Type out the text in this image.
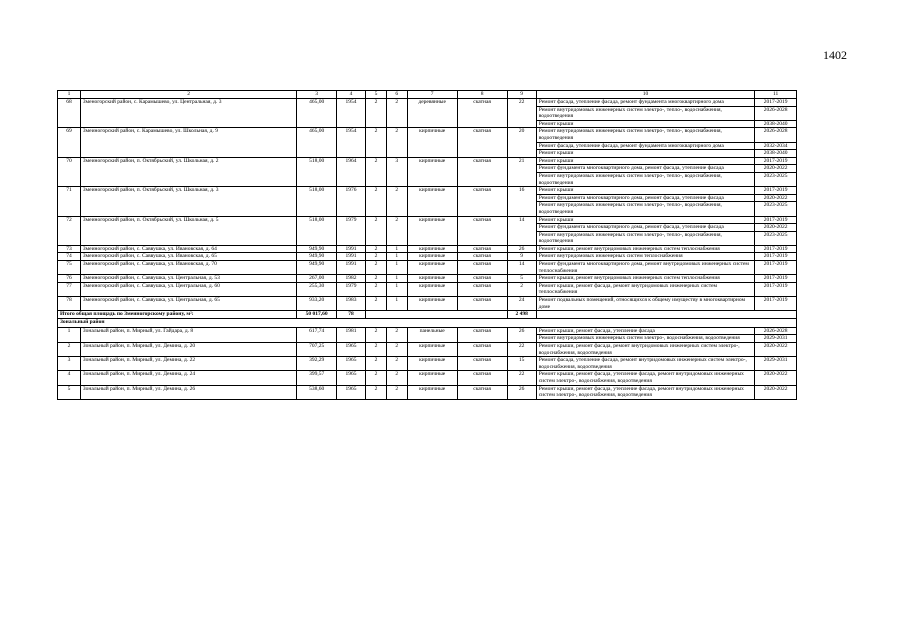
1402
1	2	3	4	5	6	7	8	9	10	11
68	Зменогорский район, с. Карамышево, ул. Центральная, д. 3	465,00	1954	2	2	деревянные	скатная	22	Ремонт фасада, утепление фасада, ремонт фундамента многоквартирного дома	2017-2019
									Ремонт внутридомовых инженерных систем электро-, тепло-, водоснабжения, водоотведения	2026-2028
									Ремонт крыши	2038-2040
69	Змеиногорский район, с. Карамышево, ул. Школьная, д. 9	465,00	1954	2	2	кирпичные	скатная	20	Ремонт внутридомовых инженерных систем электро-, тепло-, водоснабжения, водоотведения	2026-2028
									Ремонт фасада, утепление фасада, ремонт фундамента многоквартирного дома	2032-2034
									Ремонт крыши	2038-2040
70	Змеиногорский район, п. Октябрьский, ул. Школьная, д. 2	518,00	1964	2	3	кирпичные	скатная	21	Ремонт крыши	2017-2019
									Ремонт фундамента многоквартирного дома, ремонт фасада, утепление фасада	2020-2022
									Ремонт внутридомовых инженерных систем электро-, тепло-, водоснабжения, водоотведения	2023-2025
71	Змеиногорский район, п. Октябрьский, ул. Школьная, д. 3	518,00	1976	2	2	кирпичные	скатная	16	Ремонт крыши	2017-2019
									Ремонт фундамента многоквартирного дома, ремонт фасада, утепление фасада	2020-2022
									Ремонт внутридомовых инженерных систем электро-, тепло-, водоснабжения, водоотведения	2023-2025
72	Змеиногорский район, п. Октябрьский, ул. Школьная, д. 5	518,00	1979	2	2	кирпичные	скатная	14	Ремонт крыши	2017-2019
									Ремонт фундамента многоквартирного дома, ремонт фасада, утепление фасада	2020-2022
									Ремонт внутридомовых инженерных систем электро-, тепло-, водоснабжения, водоотведения	2023-2025
73	Змеиногорский район, с. Саввушка, ул. Ивановская, д. 64	949,90	1991	2	1	кирпичные	скатная	26	Ремонт крыши, ремонт внутридомовых инженерных систем теплоснабжения	2017-2019
74	Змеиногорский район, с. Саввушка, ул. Ивановская, д. 65	949,90	1991	2	1	кирпичные	скатная	9	Ремонт внутридомовых инженерных систем теплоснабжения	2017-2019
75	Змеиногорский район, с. Саввушка, ул. Ивановская, д. 70	949,90	1991	2	1	кирпичные	скатная	14	Ремонт фундамента многоквартирного дома, ремонт внутридомовых инженерных систем теплоснабжения	2017-2019
76	Змеиногорский район, с. Саввушка, ул. Центральная, д. 53	267,00	1982	2	1	кирпичные	скатная	5	Ремонт крыши, ремонт внутридомовых инженерных систем теплоснабжения	2017-2019
77	Змеиногорский район, с. Саввушка, ул. Центральная, д. 60	255,30	1979	2	1	кирпичные	скатная	2	Ремонт крыши, ремонт фасада, ремонт внутридомовых инженерных систем теплоснабжения	2017-2019
78	Змеиногорский район, с. Саввушка, ул. Центральная, д. 65	933,20	1983	2	1	кирпичные	скатная	24	Ремонт подвальных помещений, относящихся к общему имуществу в многоквартирном доме	2017-2019
Итого общая площадь по Змеиногорскому району, м²:		50 017,60	78					2 498		
Зональный район										
1	Зональный район, п. Мирный, ул. Гайдара, д. 8	617,74	1981	2	2	панельные	скатная	26	Ремонт крыши, ремонт фасада, утепление фасада	2026-2028
									Ремонт внутридомовых инженерных систем электро-, водоснабжения, водоотведения	2029-2031
2	Зональный район, п. Мирный, ул. Демина, д. 20	707,25	1965	2	2	кирпичные	скатная	22	Ремонт крыши, ремонт фасада, ремонт внутридомовых инженерных систем электро-, водоснабжения, водоотведения	2020-2022
3	Зональный район, п. Мирный, ул. Демина, д. 22	392,29	1965	2	2	кирпичные	скатная	15	Ремонт фасада, утепление фасада, ремонт внутридомовых инженерных систем электро-, водоснабжения, водоотведения	2029-2031
4	Зональный район, п. Мирный, ул. Демина, д. 24	399,57	1965	2	2	кирпичные	скатная	22	Ремонт крыши, ремонт фасада, утепление фасада, ремонт внутридомовых инженерных систем электро-, водоснабжения, водоотведения	2020-2022
5	Зональный район, п. Мирный, ул. Демина, д. 26	538,60	1965	2	2	кирпичные	скатная	26	Ремонт крыши, ремонт фасада, утепление фасада, ремонт внутридомовых инженерных систем электро-, водоснабжения, водоотведения	2020-2022
